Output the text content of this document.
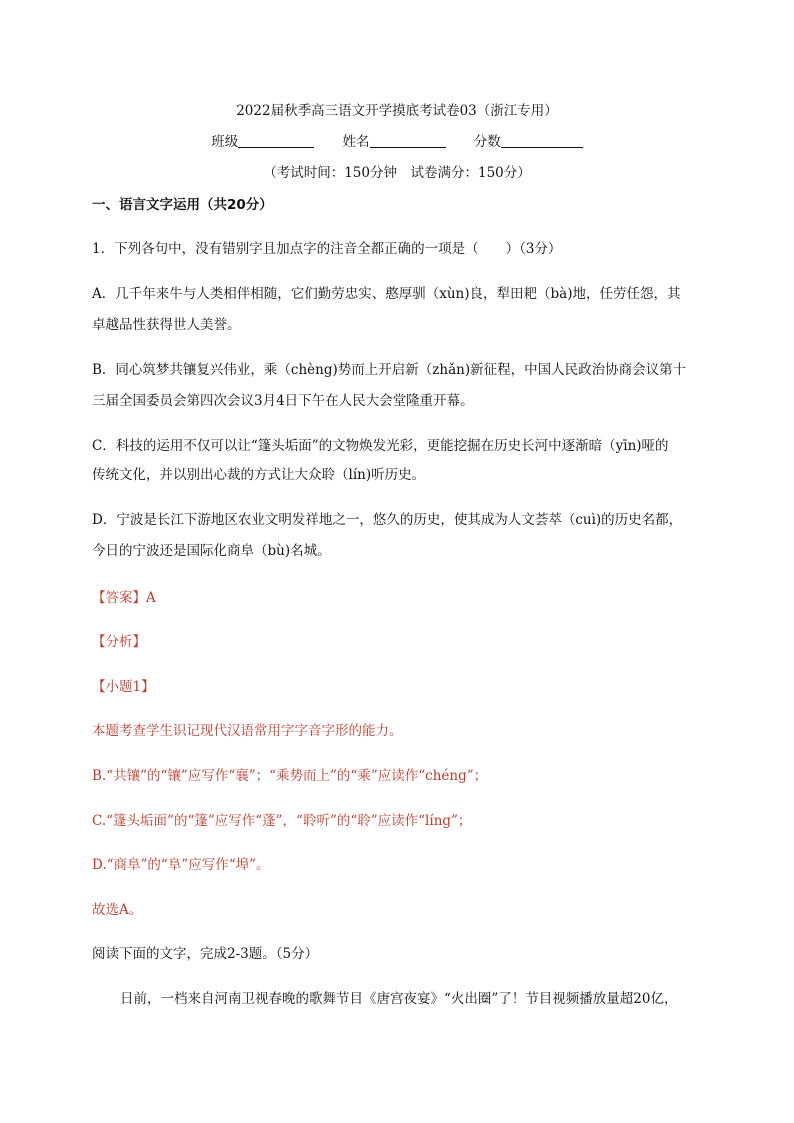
2022届秋季高三语文开学摸底考试卷03（浙江专用）
班级	姓名	分数
（考试时间：150分钟　试卷满分：150分）
一、语言文字运用（共20分）
1．下列各句中，没有错别字且加点字的注音全都正确的一项是（　　）（3分）
A．几千年来牛与人类相伴相随，它们勤劳忠实、憨厚驯（xùn)良，犁田耙（bà)地，任劳任怨，其
卓越品性获得世人美誉。
B．同心筑梦共镶复兴伟业，乘（chèng)势而上开启新（zhǎn)新征程，中国人民政治协商会议第十
三届全国委员会第四次会议3月4日下午在人民大会堂隆重开幕。
C．科技的运用不仅可以让“篷头垢面”的文物焕发光彩，更能挖掘在历史长河中逐渐暗（yīn)哑的
传统文化，并以别出心裁的方式让大众聆（lín)听历史。
D．宁波是长江下游地区农业文明发祥地之一，悠久的历史，使其成为人文荟萃（cuì)的历史名都，
今日的宁波还是国际化商阜（bù)名城。
【答案】A
【分析】
【小题1】
本题考查学生识记现代汉语常用字字音字形的能力。
B.“共镶”的“镶”应写作“襄”；“乘势而上”的“乘”应读作“chéng”；
C.“篷头垢面”的“篷”应写作“蓬”，“聆听”的“聆”应读作“líng”；
D.“商阜”的“阜”应写作“埠”。
故选A。
阅读下面的文字，完成2-3题。（5分）
日前，一档来自河南卫视春晚的歌舞节目《唐宫夜宴》“火出圈”了！节目视频播放量超20亿，
